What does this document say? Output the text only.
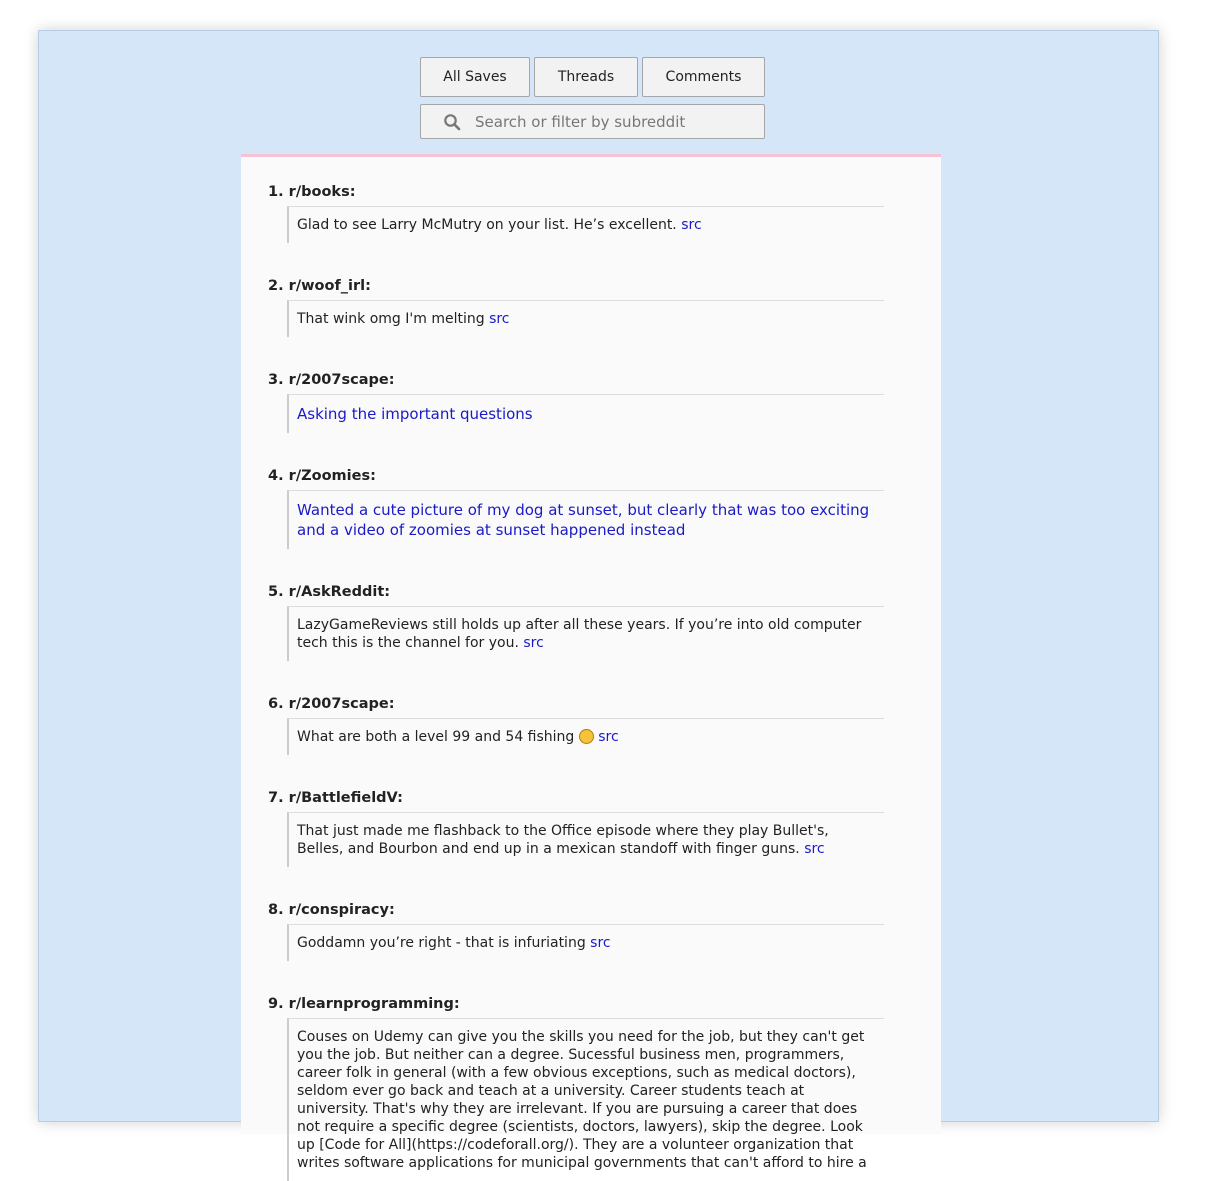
All Saves	Threads	Comments
Search or filter by subreddit
1. r/books:
Glad to see Larry McMutry on your list. He’s excellent. src
2. r/woof_irl:
That wink omg I'm melting src
3. r/2007scape:
Asking the important questions
4. r/Zoomies:
Wanted a cute picture of my dog at sunset, but clearly that was too exciting and a video of zoomies at sunset happened instead
5. r/AskReddit:
LazyGameReviews still holds up after all these years. If you’re into old computer tech this is the channel for you. src
6. r/2007scape:
What are both a level 99 and 54 fishing src
7. r/BattlefieldV:
That just made me flashback to the Office episode where they play Bullet's, Belles, and Bourbon and end up in a mexican standoff with finger guns. src
8. r/conspiracy:
Goddamn you’re right - that is infuriating src
9. r/learnprogramming:
Couses on Udemy can give you the skills you need for the job, but they can't get you the job. But neither can a degree. Sucessful business men, programmers, career folk in general (with a few obvious exceptions, such as medical doctors), seldom ever go back and teach at a university. Career students teach at university. That's why they are irrelevant. If you are pursuing a career that does not require a specific degree (scientists, doctors, lawyers), skip the degree. Look up [Code for All](https://codeforall.org/). They are a volunteer organization that writes software applications for municipal governments that can't afford to hire a
